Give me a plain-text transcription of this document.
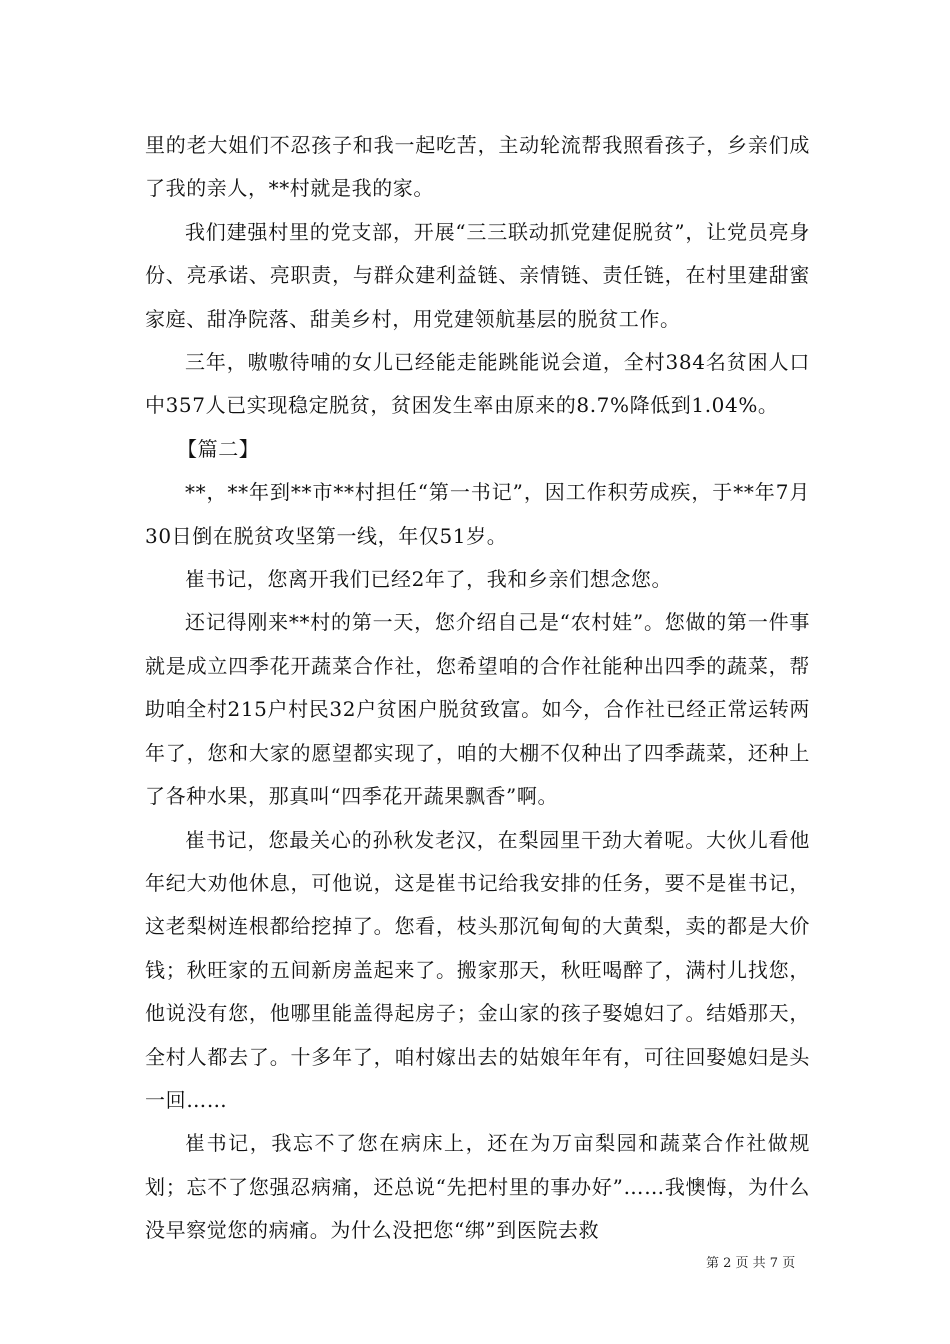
里的老大姐们不忍孩子和我一起吃苦，主动轮流帮我照看孩子，乡亲们成了我的亲人，**村就是我的家。

我们建强村里的党支部，开展“三三联动抓党建促脱贫”，让党员亮身份、亮承诺、亮职责，与群众建利益链、亲情链、责任链，在村里建甜蜜家庭、甜净院落、甜美乡村，用党建领航基层的脱贫工作。

三年，嗷嗷待哺的女儿已经能走能跳能说会道，全村384名贫困人口中357人已实现稳定脱贫，贫困发生率由原来的8.7%降低到1.04%。

【篇二】

**，**年到**市**村担任“第一书记”，因工作积劳成疾，于**年7月30日倒在脱贫攻坚第一线，年仅51岁。

崔书记，您离开我们已经2年了，我和乡亲们想念您。

还记得刚来**村的第一天，您介绍自己是“农村娃”。您做的第一件事就是成立四季花开蔬菜合作社，您希望咱的合作社能种出四季的蔬菜，帮助咱全村215户村民32户贫困户脱贫致富。如今，合作社已经正常运转两年了，您和大家的愿望都实现了，咱的大棚不仅种出了四季蔬菜，还种上了各种水果，那真叫“四季花开蔬果飘香”啊。

崔书记，您最关心的孙秋发老汉，在梨园里干劲大着呢。大伙儿看他年纪大劝他休息，可他说，这是崔书记给我安排的任务，要不是崔书记，这老梨树连根都给挖掉了。您看，枝头那沉甸甸的大黄梨，卖的都是大价钱；秋旺家的五间新房盖起来了。搬家那天，秋旺喝醉了，满村儿找您，他说没有您，他哪里能盖得起房子；金山家的孩子娶媳妇了。结婚那天，全村人都去了。十多年了，咱村嫁出去的姑娘年年有，可往回娶媳妇是头一回……

崔书记，我忘不了您在病床上，还在为万亩梨园和蔬菜合作社做规划；忘不了您强忍病痛，还总说“先把村里的事办好”……我懊悔，为什么没早察觉您的病痛。为什么没把您“绑”到医院去救

第 2 页 共 7 页
